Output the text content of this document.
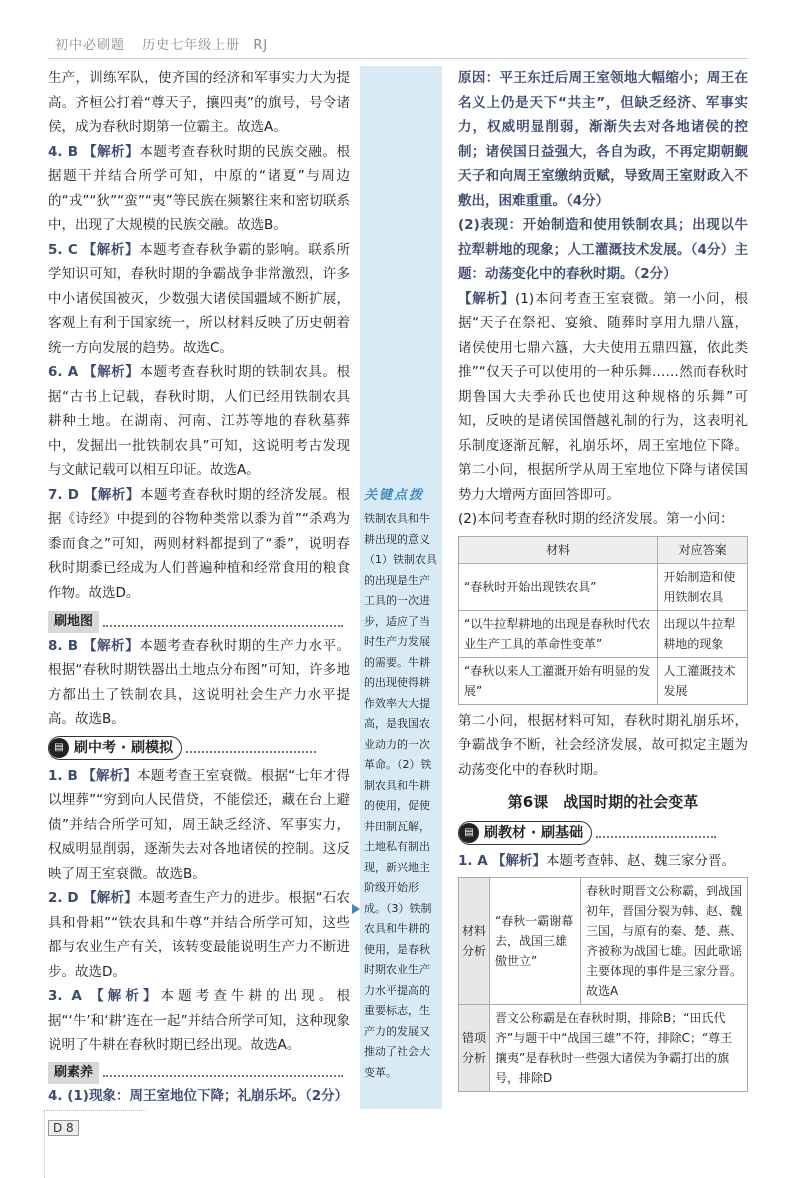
初中必刷题 历史七年级上册 RJ

生产，训练军队，使齐国的经济和军事实力大为提高。齐桓公打着“尊天子，攘四夷”的旗号，号令诸侯，成为春秋时期第一位霸主。故选A。

4. B 【解析】本题考查春秋时期的民族交融。根据题干并结合所学可知，中原的“诸夏”与周边的“戎”“狄”“蛮”“夷”等民族在频繁往来和密切联系中，出现了大规模的民族交融。故选B。

5. C 【解析】本题考查春秋争霸的影响。联系所学知识可知，春秋时期的争霸战争非常激烈，许多中小诸侯国被灭，少数强大诸侯国疆域不断扩展，客观上有利于国家统一，所以材料反映了历史朝着统一方向发展的趋势。故选C。

6. A 【解析】本题考查春秋时期的铁制农具。根据“古书上记载，春秋时期，人们已经用铁制农具耕种土地。在湖南、河南、江苏等地的春秋墓葬中，发掘出一批铁制农具”可知，这说明考古发现与文献记载可以相互印证。故选A。

7. D 【解析】本题考查春秋时期的经济发展。根据《诗经》中提到的谷物种类常以黍为首”“杀鸡为黍而食之”可知，两则材料都提到了“黍”，说明春秋时期黍已经成为人们普遍种植和经常食用的粮食作物。故选D。

刷地图

8. B 【解析】本题考查春秋时期的生产力水平。根据“春秋时期铁器出土地点分布图”可知，许多地方都出土了铁制农具，这说明社会生产力水平提高。故选B。

▤ 刷中考 · 刷模拟

1. B 【解析】本题考查王室衰微。根据“七年才得以埋葬”“穷到向人民借贷，不能偿还，藏在台上避债”并结合所学可知，周王缺乏经济、军事实力，权威明显削弱，逐渐失去对各地诸侯的控制。这反映了周王室衰微。故选B。

2. D 【解析】本题考查生产力的进步。根据“石农具和骨耜”“铁农具和牛尊”并结合所学可知，这些都与农业生产有关，该转变最能说明生产力不断进步。故选D。

3. A 【解析】本题考查牛耕的出现。根据“‘牛’和‘耕’连在一起”并结合所学可知，这种现象说明了牛耕在春秋时期已经出现。故选A。

刷素养

4. (1)现象：周王室地位下降；礼崩乐坏。（2分）

关键点拨
铁制农具和牛耕出现的意义（1）铁制农具的出现是生产工具的一次进步，适应了当时生产力发展的需要。牛耕的出现使得耕作效率大大提高，是我国农业动力的一次革命。（2）铁制农具和牛耕的使用，促使井田制瓦解，土地私有制出现，新兴地主阶级开始形成。（3）铁制农具和牛耕的使用，是春秋时期农业生产力水平提高的重要标志，生产力的发展又推动了社会大变革。

原因：平王东迁后周王室领地大幅缩小；周王在名义上仍是天下“共主”，但缺乏经济、军事实力，权威明显削弱，渐渐失去对各地诸侯的控制；诸侯国日益强大，各自为政，不再定期朝觐天子和向周王室缴纳贡赋，导致周王室财政入不敷出，困难重重。（4分）

(2)表现：开始制造和使用铁制农具；出现以牛拉犁耕地的现象；人工灌溉技术发展。（4分）主题：动荡变化中的春秋时期。（2分）

【解析】(1)本问考查王室衰微。第一小问，根据“天子在祭祀、宴飨、随葬时享用九鼎八簋，诸侯使用七鼎六簋，大夫使用五鼎四簋，依此类推”“仅天子可以使用的一种乐舞……然而春秋时期鲁国大夫季孙氏也使用这种规格的乐舞”可知，反映的是诸侯国僭越礼制的行为，这表明礼乐制度逐渐瓦解，礼崩乐坏，周王室地位下降。第二小问，根据所学从周王室地位下降与诸侯国势力大增两方面回答即可。

(2)本问考查春秋时期的经济发展。第一小问：

材料	对应答案
“春秋时开始出现铁农具”	开始制造和使用铁制农具
“以牛拉犁耕地的出现是春秋时代农业生产工具的革命性变革”	出现以牛拉犁耕地的现象
“春秋以来人工灌溉开始有明显的发展”	人工灌溉技术发展

第二小问，根据材料可知，春秋时期礼崩乐坏，争霸战争不断，社会经济发展，故可拟定主题为动荡变化中的春秋时期。

第6课　战国时期的社会变革
▤ 刷教材 · 刷基础

1. A 【解析】本题考查韩、赵、魏三家分晋。

材料分析	“春秋一霸谢幕去，战国三雄傲世立”	春秋时期晋文公称霸，到战国初年，晋国分裂为韩、赵、魏三国，与原有的秦、楚、燕、齐被称为战国七雄。因此歌谣主要体现的事件是三家分晋。故选A
错项分析	晋文公称霸是在春秋时期，排除B；“田氏代齐”与题干中“战国三雄”不符，排除C；“尊王攘夷”是春秋时一些强大诸侯为争霸打出的旗号，排除D	
D 8
